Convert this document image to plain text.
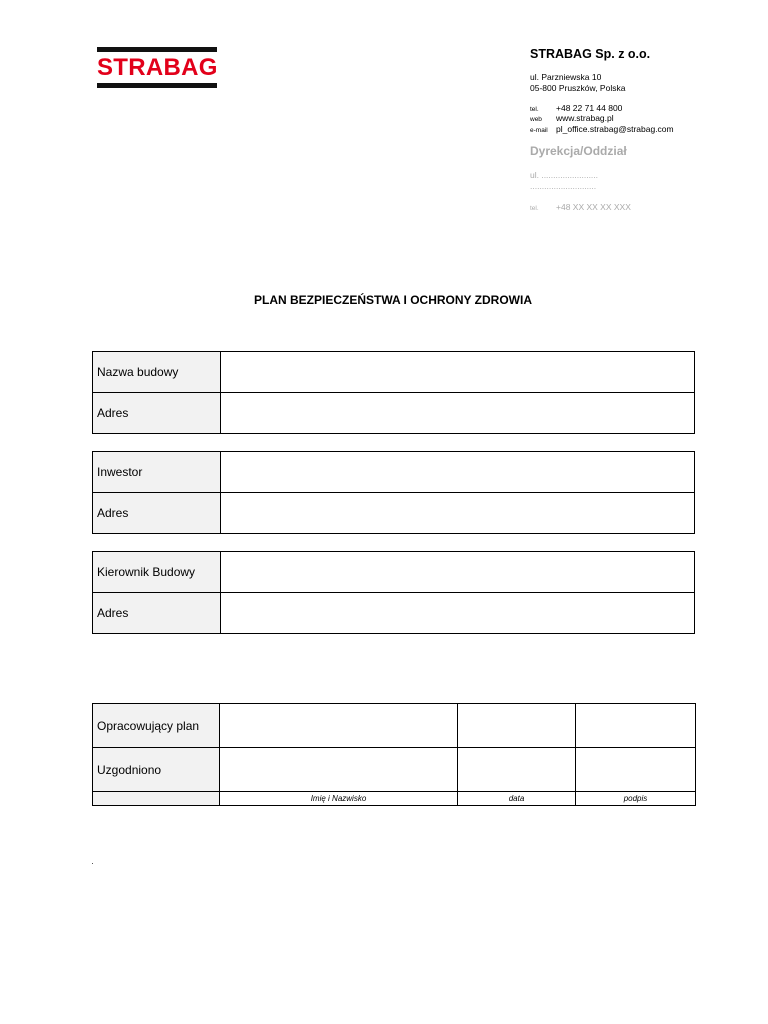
STRABAG	STRABAG Sp. z o.o.
ul. Parzniewska 10
05-800 Pruszków, Polska
tel. +48 22 71 44 800
web www.strabag.pl
e-mail pl_office.strabag@strabag.com
Dyrekcja/Oddział
ul. ........................
............................
tel. +48 XX XX XX XXX
PLAN BEZPIECZEŃSTWA I OCHRONY ZDROWIA
Nazwa budowy	
Adres	
Inwestor	
Adres	
Kierownik Budowy	
Adres	
Opracowujący plan			
Uzgodniono			
	Imię i Nazwisko	data	podpis
